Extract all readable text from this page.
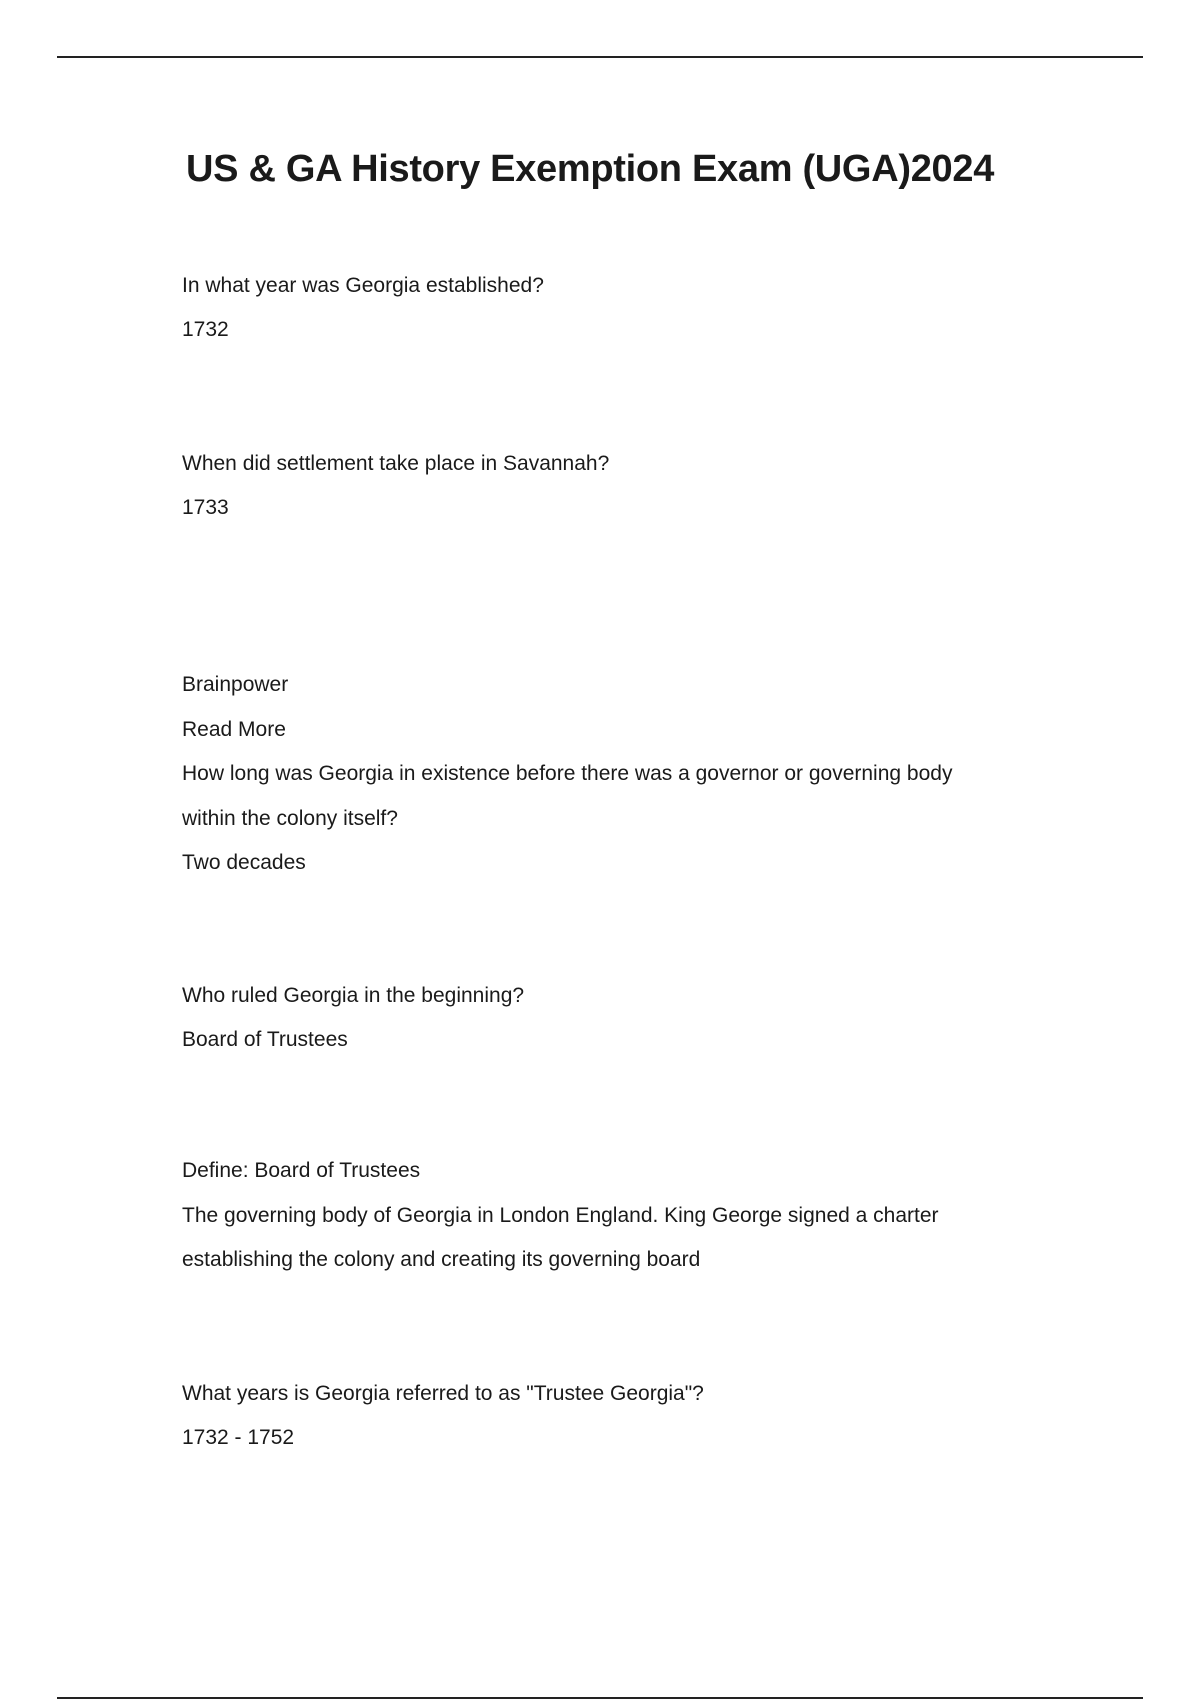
US & GA History Exemption Exam (UGA)2024
In what year was Georgia established?
1732
When did settlement take place in Savannah?
1733
Brainpower
Read More
How long was Georgia in existence before there was a governor or governing body
within the colony itself?
Two decades
Who ruled Georgia in the beginning?
Board of Trustees
Define: Board of Trustees
The governing body of Georgia in London England. King George signed a charter
establishing the colony and creating its governing board
What years is Georgia referred to as "Trustee Georgia"?
1732 - 1752
